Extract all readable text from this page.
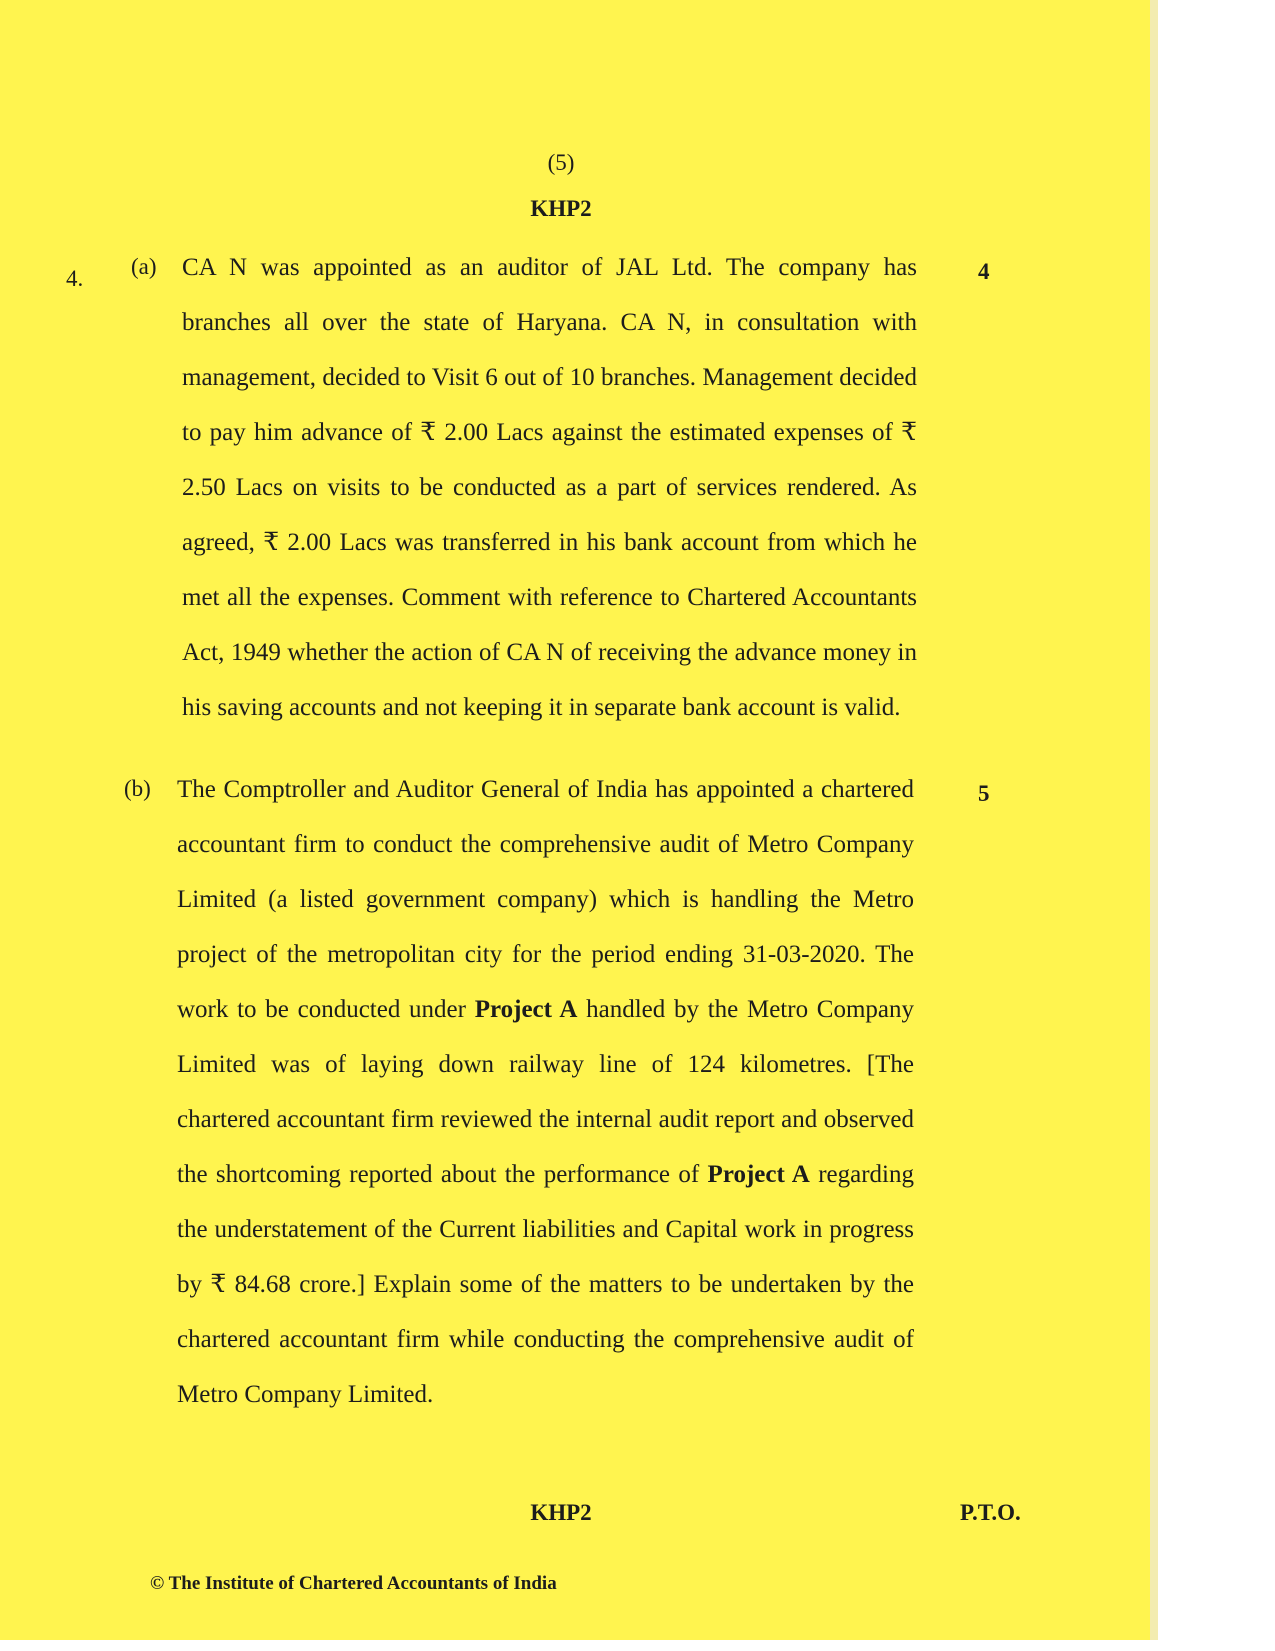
(5)
KHP2
4. (a)	4

CA N was appointed as an auditor of JAL Ltd. The company has branches all over the state of Haryana. CA N, in consultation with management, decided to Visit 6 out of 10 branches. Management decided to pay him advance of ₹ 2.00 Lacs against the estimated expenses of ₹ 2.50 Lacs on visits to be conducted as a part of services rendered. As agreed, ₹ 2.00 Lacs was transferred in his bank account from which he met all the expenses. Comment with reference to Chartered Accountants Act, 1949 whether the action of CA N of receiving the advance money in his saving accounts and not keeping it in separate bank account is valid.

(b)	5

The Comptroller and Auditor General of India has appointed a chartered accountant firm to conduct the comprehensive audit of Metro Company Limited (a listed government company) which is handling the Metro project of the metropolitan city for the period ending 31-03-2020. The work to be conducted under Project A handled by the Metro Company Limited was of laying down railway line of 124 kilometres. [The chartered accountant firm reviewed the internal audit report and observed the shortcoming reported about the performance of Project A regarding the understatement of the Current liabilities and Capital work in progress by ₹ 84.68 crore.] Explain some of the matters to be undertaken by the chartered accountant firm while conducting the comprehensive audit of Metro Company Limited.

KHP2	P.T.O.
© The Institute of Chartered Accountants of India
